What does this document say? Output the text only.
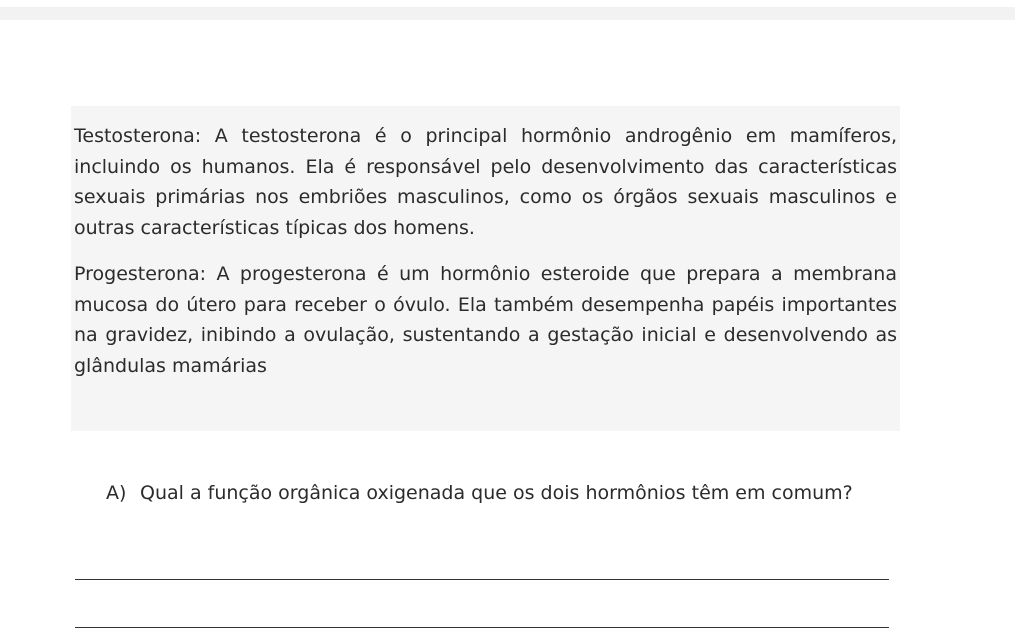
Testosterona: A testosterona é o principal hormônio androgênio em mamíferos, incluindo os humanos. Ela é responsável pelo desenvolvimento das características sexuais primárias nos embriões masculinos, como os órgãos sexuais masculinos e outras características típicas dos homens.

Progesterona: A progesterona é um hormônio esteroide que prepara a membrana mucosa do útero para receber o óvulo. Ela também desempenha papéis importantes na gravidez, inibindo a ovulação, sustentando a gestação inicial e desenvolvendo as glândulas mamárias

A) Qual a função orgânica oxigenada que os dois hormônios têm em comum?
